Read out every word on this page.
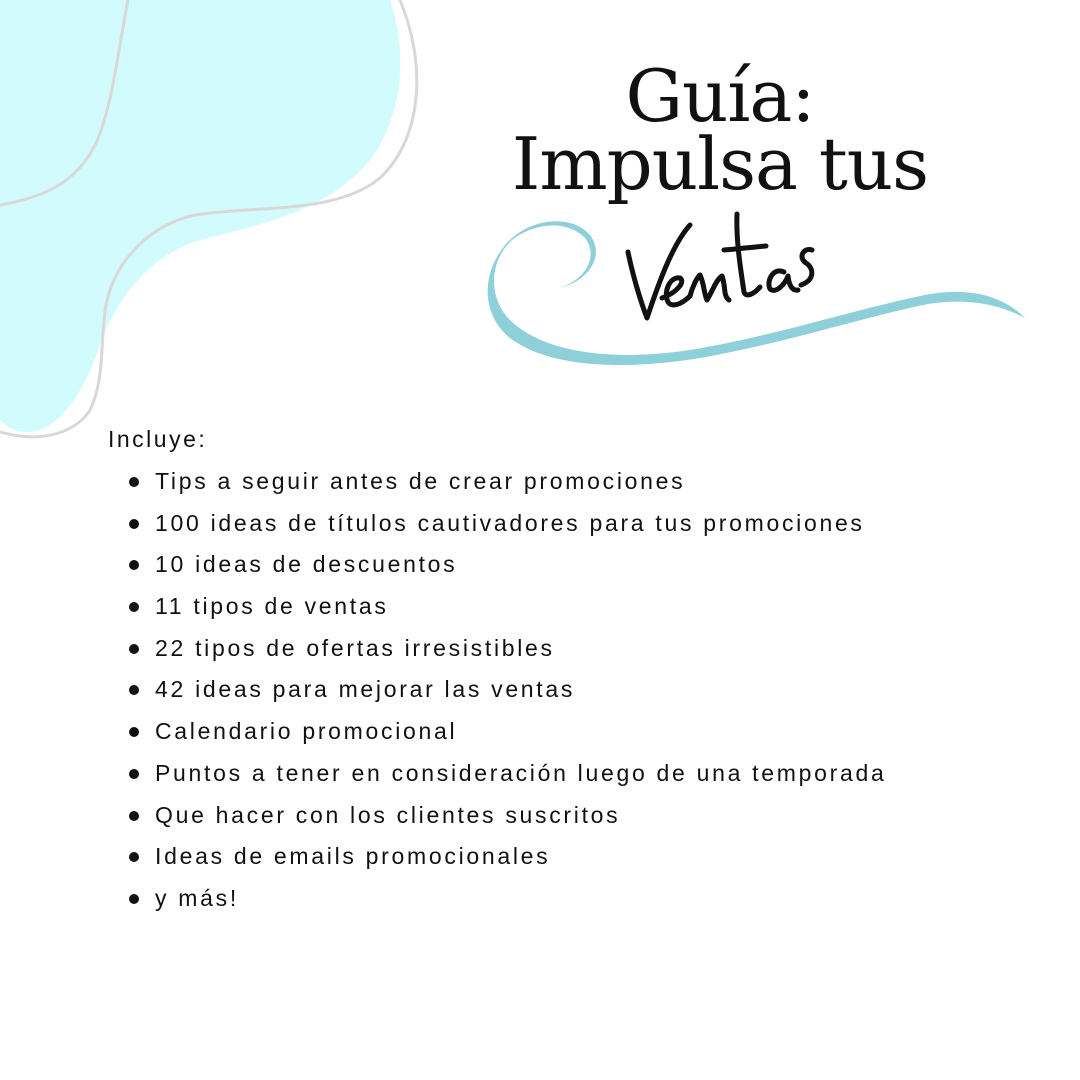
Guía:
Impulsa tus
Incluye:
Tips a seguir antes de crear promociones
100 ideas de títulos cautivadores para tus promociones
10 ideas de descuentos
11 tipos de ventas
22 tipos de ofertas irresistibles
42 ideas para mejorar las ventas
Calendario promocional
Puntos a tener en consideración luego de una temporada
Que hacer con los clientes suscritos
Ideas de emails promocionales
y más!
